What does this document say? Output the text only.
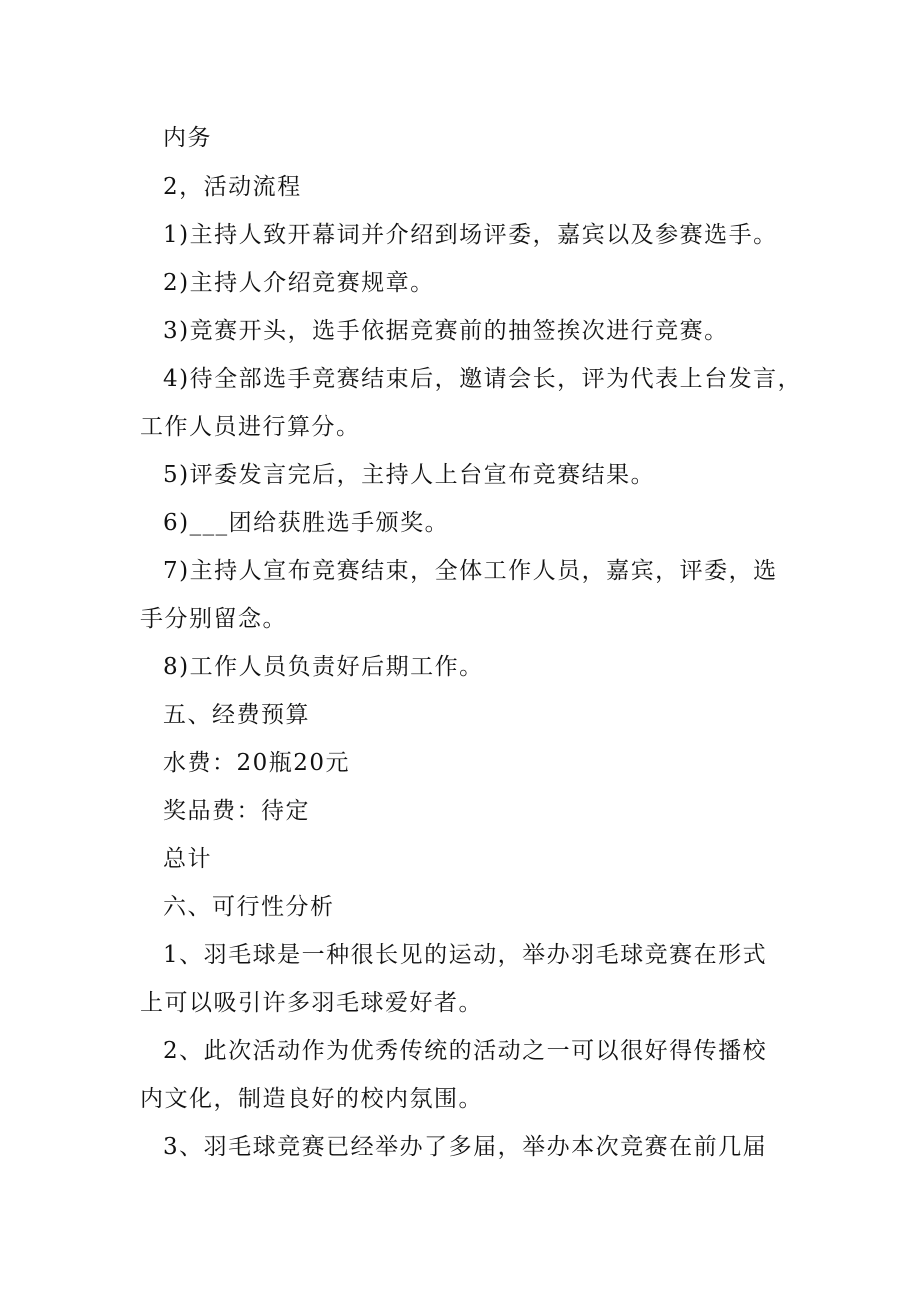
内务
2，活动流程
1)主持人致开幕词并介绍到场评委，嘉宾以及参赛选手。
2)主持人介绍竞赛规章。
3)竞赛开头，选手依据竞赛前的抽签挨次进行竞赛。
4)待全部选手竞赛结束后，邀请会长，评为代表上台发言，
工作人员进行算分。
5)评委发言完后，主持人上台宣布竞赛结果。
6)___团给获胜选手颁奖。
7)主持人宣布竞赛结束，全体工作人员，嘉宾，评委，选
手分别留念。
8)工作人员负责好后期工作。
五、经费预算
水费：20瓶20元
奖品费：待定
总计
六、可行性分析
1、羽毛球是一种很长见的运动，举办羽毛球竞赛在形式
上可以吸引许多羽毛球爱好者。
2、此次活动作为优秀传统的活动之一可以很好得传播校
内文化，制造良好的校内氛围。
3、羽毛球竞赛已经举办了多届，举办本次竞赛在前几届
